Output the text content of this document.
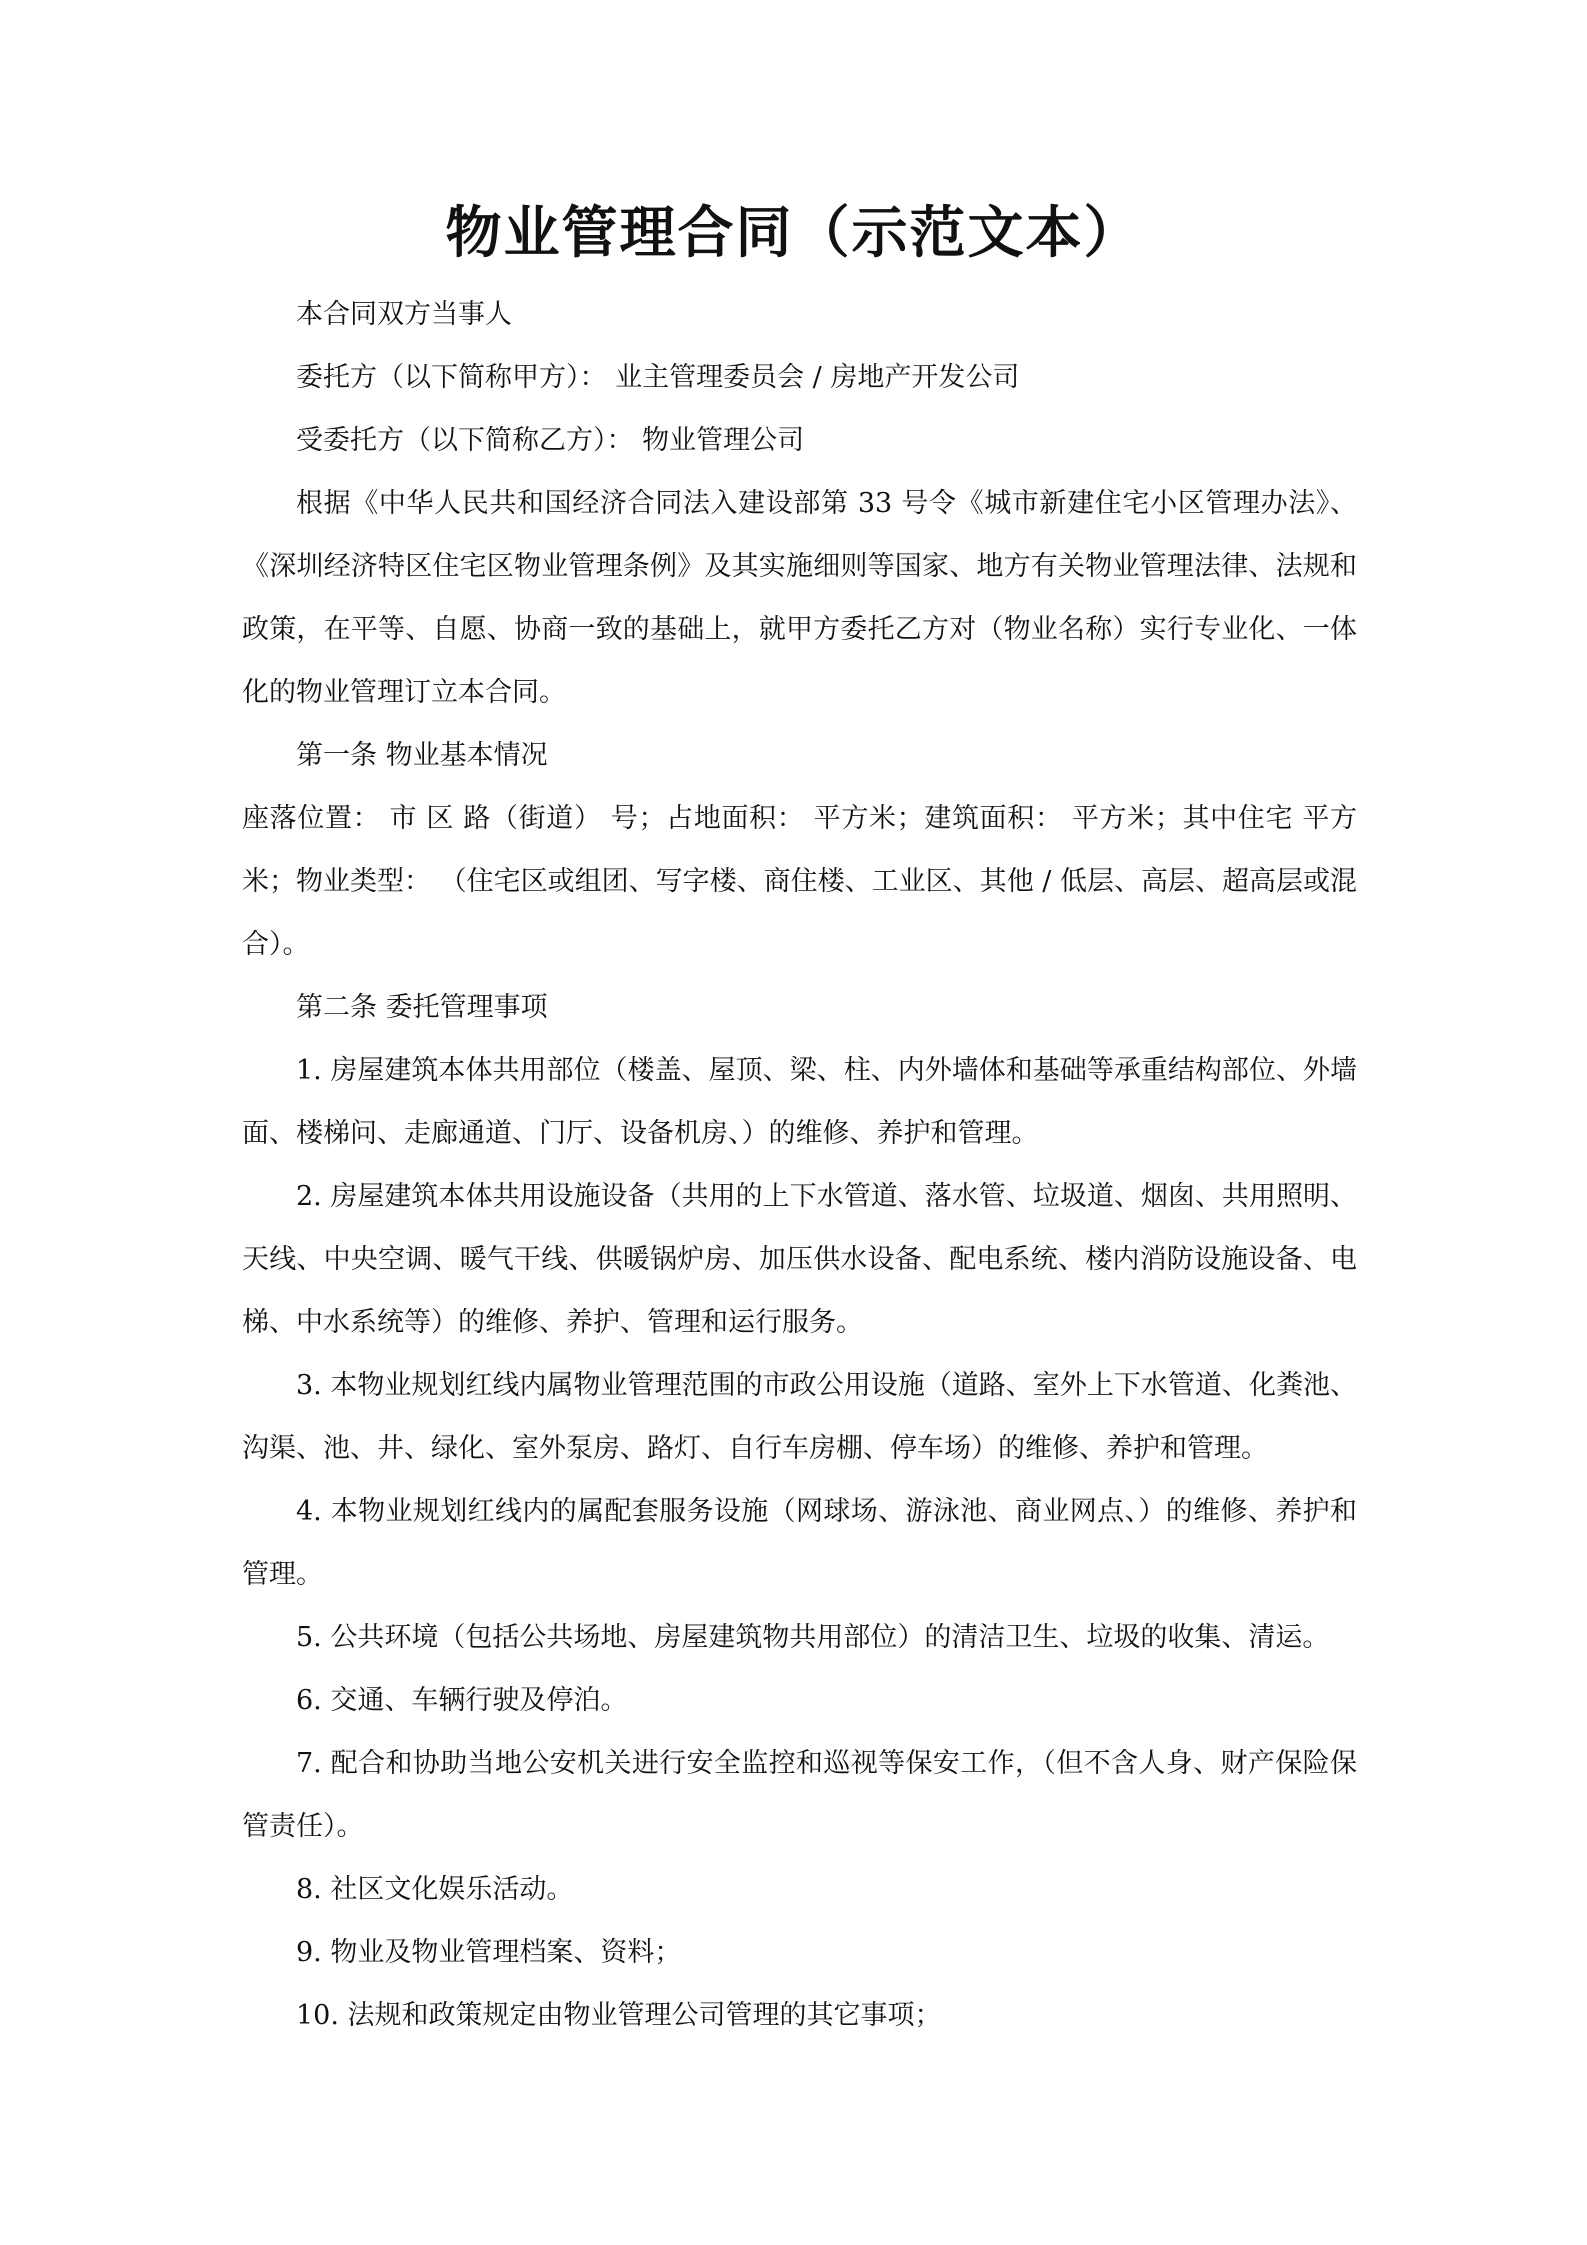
物业管理合同（示范文本）

本合同双方当事人

委托方（以下简称甲方）： 业主管理委员会 / 房地产开发公司

受委托方（以下简称乙方）： 物业管理公司

根据《中华人民共和国经济合同法入建设部第 33 号令《城市新建住宅小区管理办法》、《深圳经济特区住宅区物业管理条例》及其实施细则等国家、地方有关物业管理法律、法规和政策，在平等、自愿、协商一致的基础上，就甲方委托乙方对（物业名称）实行专业化、一体化的物业管理订立本合同。

第一条 物业基本情况

座落位置： 市 区 路（街道） 号；占地面积： 平方米；建筑面积： 平方米；其中住宅 平方米；物业类型： （住宅区或组团、写字楼、商住楼、工业区、其他 / 低层、高层、超高层或混合）。

第二条 委托管理事项

1. 房屋建筑本体共用部位（楼盖、屋顶、梁、柱、内外墙体和基础等承重结构部位、外墙面、楼梯问、走廊通道、门厅、设备机房、）的维修、养护和管理。

2. 房屋建筑本体共用设施设备（共用的上下水管道、落水管、垃圾道、烟囱、共用照明、天线、中央空调、暖气干线、供暖锅炉房、加压供水设备、配电系统、楼内消防设施设备、电梯、中水系统等）的维修、养护、管理和运行服务。

3. 本物业规划红线内属物业管理范围的市政公用设施（道路、室外上下水管道、化粪池、沟渠、池、井、绿化、室外泵房、路灯、自行车房棚、停车场）的维修、养护和管理。

4. 本物业规划红线内的属配套服务设施（网球场、游泳池、商业网点、）的维修、养护和管理。

5. 公共环境（包括公共场地、房屋建筑物共用部位）的清洁卫生、垃圾的收集、清运。

6. 交通、车辆行驶及停泊。

7. 配合和协助当地公安机关进行安全监控和巡视等保安工作，（但不含人身、财产保险保管责任）。

8. 社区文化娱乐活动。

9. 物业及物业管理档案、资料；

10. 法规和政策规定由物业管理公司管理的其它事项；
